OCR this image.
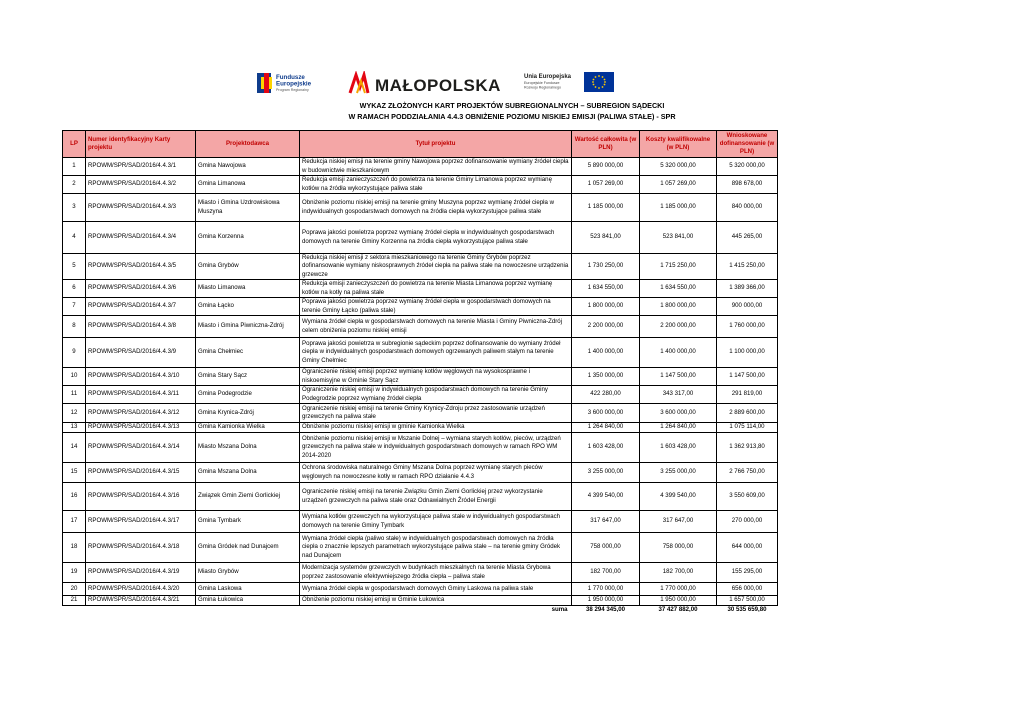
Fundusze
Europejskie
Program Regionalny	MAŁOPOLSKA	Unia Europejska
Europejskie Fundusze
Rozwoju Regionalnego
WYKAZ ZŁOŻONYCH KART PROJEKTÓW SUBREGIONALNYCH – SUBREGION SĄDECKI
W RAMACH PODDZIAŁANIA 4.4.3 OBNIŻENIE POZIOMU NISKIEJ EMISJI (PALIWA STAŁE) - SPR
LP	Numer identyfikacyjny Karty projektu	Projektodawca	Tytuł projektu	Wartość całkowita (w PLN)	Koszty kwalifikowalne (w PLN)	Wnioskowane dofinansowanie (w PLN)
1	RPOWM/SPR/SAD/2016/4.4.3/1	Gmina Nawojowa	Redukcja niskiej emisji na terenie gminy Nawojowa poprzez dofinansowanie wymiany źródeł ciepła w budownictwie mieszkaniowym	5 890 000,00	5 320 000,00	5 320 000,00
2	RPOWM/SPR/SAD/2016/4.4.3/2	Gmina Limanowa	Redukcja emisji zanieczyszczeń do powietrza na terenie Gminy Limanowa poprzez wymianę kotłów na źródła wykorzystujące paliwa stałe	1 057 269,00	1 057 269,00	898 678,00
3	RPOWM/SPR/SAD/2016/4.4.3/3	Miasto i Gmina Uzdrowiskowa Muszyna	Obniżenie poziomu niskiej emisji na terenie gminy Muszyna poprzez wymianę źródeł ciepła w indywidualnych gospodarstwach domowych na źródła ciepła wykorzystujące paliwa stałe	1 185 000,00	1 185 000,00	840 000,00
4	RPOWM/SPR/SAD/2016/4.4.3/4	Gmina Korzenna	Poprawa jakości powietrza poprzez wymianę źródeł ciepła w indywidualnych gospodarstwach domowych na terenie Gminy Korzenna na źródła ciepła wykorzystujące paliwa stałe	523 841,00	523 841,00	445 265,00
5	RPOWM/SPR/SAD/2016/4.4.3/5	Gmina Grybów	Redukcja niskiej emisji z sektora mieszkaniowego na terenie Gminy Grybów poprzez dofinansowanie wymiany niskosprawnych źródeł ciepła na paliwa stałe na nowoczesne urządzenia grzewcze	1 730 250,00	1 715 250,00	1 415 250,00
6	RPOWM/SPR/SAD/2016/4.4.3/6	Miasto Limanowa	Redukcja emisji zanieczyszczeń do powietrza na terenie Miasta Limanowa poprzez wymianę kotłów na kotły na paliwa stałe	1 634 550,00	1 634 550,00	1 389 366,00
7	RPOWM/SPR/SAD/2016/4.4.3/7	Gmina Łącko	Poprawa jakości powietrza poprzez wymianę źródeł ciepła w gospodarstwach domowych na terenie Gminy Łącko (paliwa stałe)	1 800 000,00	1 800 000,00	900 000,00
8	RPOWM/SPR/SAD/2016/4.4.3/8	Miasto i Gmina Piwniczna-Zdrój	Wymiana źródeł ciepła w gospodarstwach domowych na terenie Miasta i Gminy Piwniczna-Zdrój celem obniżenia poziomu niskiej emisji	2 200 000,00	2 200 000,00	1 760 000,00
9	RPOWM/SPR/SAD/2016/4.4.3/9	Gmina Chełmiec	Poprawa jakości powietrza w subregionie sądeckim poprzez dofinansowanie do wymiany źródeł ciepła w indywidualnych gospodarstwach domowych ogrzewanych paliwem stałym na terenie Gminy Chełmiec	1 400 000,00	1 400 000,00	1 100 000,00
10	RPOWM/SPR/SAD/2016/4.4.3/10	Gmina Stary Sącz	Ograniczenie niskiej emisji poprzez wymianę kotłów węglowych na wysokosprawne i niskoemisyjne w Gminie Stary Sącz	1 350 000,00	1 147 500,00	1 147 500,00
11	RPOWM/SPR/SAD/2016/4.4.3/11	Gmina Podegrodzie	Ograniczenie niskiej emisji w indywidualnych gospodarstwach domowych na terenie Gminy Podegrodzie poprzez wymianę źródeł ciepła	422 280,00	343 317,00	291 819,00
12	RPOWM/SPR/SAD/2016/4.4.3/12	Gmina Krynica-Zdrój	Ograniczenie niskiej emisji na terenie Gminy Krynicy-Zdroju przez zastosowanie urządzeń grzewczych na paliwa stałe	3 600 000,00	3 600 000,00	2 889 600,00
13	RPOWM/SPR/SAD/2016/4.4.3/13	Gmina Kamionka Wielka	Obniżenie poziomu niskiej emisji w gminie Kamionka Wielka	1 264 840,00	1 264 840,00	1 075 114,00
14	RPOWM/SPR/SAD/2016/4.4.3/14	Miasto Mszana Dolna	Obniżenie poziomu niskiej emisji w Mszanie Dolnej – wymiana starych kotłów, pieców, urządzeń grzewczych na paliwa stałe w indywidualnych gospodarstwach domowych w ramach RPO WM 2014-2020	1 603 428,00	1 603 428,00	1 362 913,80
15	RPOWM/SPR/SAD/2016/4.4.3/15	Gmina Mszana Dolna	Ochrona środowiska naturalnego Gminy Mszana Dolna poprzez wymianę starych pieców węglowych na nowoczesne kotły w ramach RPO działanie 4.4.3	3 255 000,00	3 255 000,00	2 766 750,00
16	RPOWM/SPR/SAD/2016/4.4.3/16	Związek Gmin Ziemi Gorlickiej	Ograniczenie niskiej emisji na terenie Związku Gmin Ziemi Gorlickiej przez wykorzystanie urządzeń grzewczych na paliwa stałe oraz Odnawialnych Źródeł Energii	4 399 540,00	4 399 540,00	3 550 609,00
17	RPOWM/SPR/SAD/2016/4.4.3/17	Gmina Tymbark	Wymiana kotłów grzewczych na wykorzystujące paliwa stałe w indywidualnych gospodarstwach domowych na terenie Gminy Tymbark	317 647,00	317 647,00	270 000,00
18	RPOWM/SPR/SAD/2016/4.4.3/18	Gmina Gródek nad Dunajcem	Wymiana źródeł ciepła (paliwo stałe) w indywidualnych gospodarstwach domowych na źródła ciepła o znacznie lepszych parametrach wykorzystujące paliwa stałe – na terenie gminy Gródek nad Dunajcem	758 000,00	758 000,00	644 000,00
19	RPOWM/SPR/SAD/2016/4.4.3/19	Miasto Grybów	Modernizacja systemów grzewczych w budynkach mieszkalnych na terenie Miasta Grybowa poprzez zastosowanie efektywniejszego źródła ciepła – paliwa stałe	182 700,00	182 700,00	155 295,00
20	RPOWM/SPR/SAD/2016/4.4.3/20	Gmina Laskowa	Wymiana źródeł ciepła w gospodarstwach domowych Gminy Laskowa na paliwa stałe	1 770 000,00	1 770 000,00	656 000,00
21	RPOWM/SPR/SAD/2016/4.4.3/21	Gmina Łukowica	Obniżenie poziomu niskiej emisji w Gminie Łukowica	1 950 000,00	1 950 000,00	1 657 500,00
			suma	38 294 345,00	37 427 882,00	30 535 659,80
